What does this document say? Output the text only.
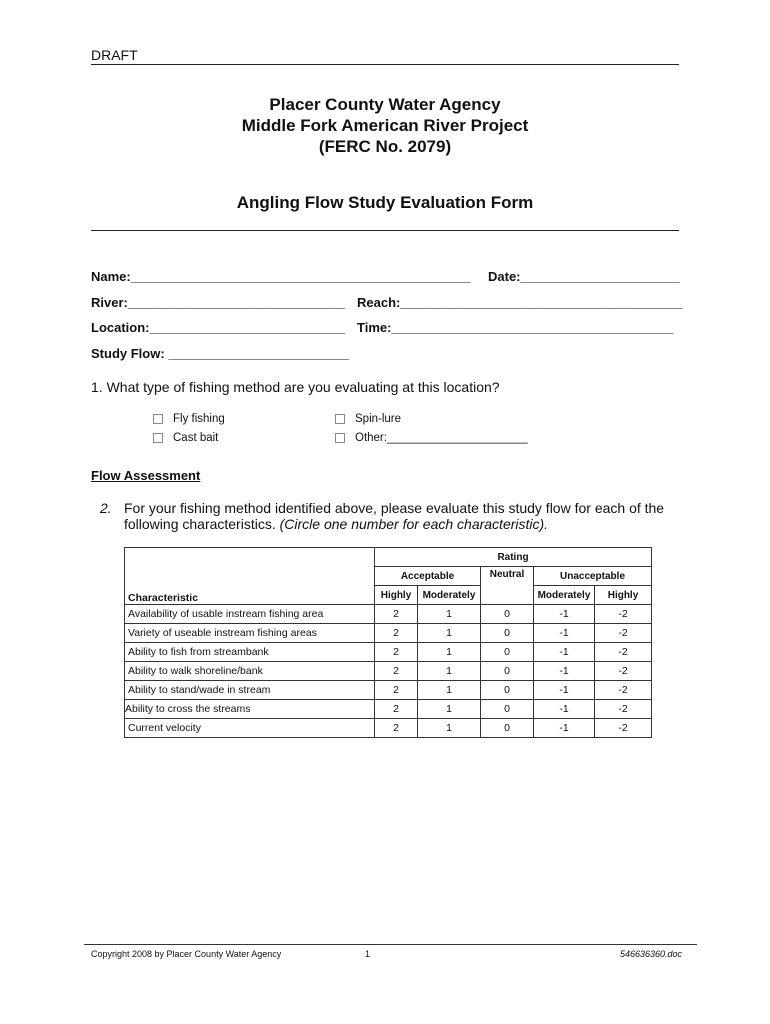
DRAFT
Placer County Water Agency
Middle Fork American River Project
(FERC No. 2079)
Angling Flow Study Evaluation Form
Name:_______________________________________________ Date:______________________
River:______________________________ Reach:_______________________________________
Location:___________________________ Time:_______________________________________
Study Flow: _________________________
1. What type of fishing method are you evaluating at this location?
Fly fishing
Cast bait
Spin-lure
Other:______________________
Flow Assessment
2. For your fishing method identified above, please evaluate this study flow for each of the following characteristics. (Circle one number for each characteristic).
Characteristic	Rating				
	Acceptable		Neutral	Unacceptable	
	Highly	Moderately		Moderately	Highly
Availability of usable instream fishing area	2	1	0	-1	-2
Variety of useable instream fishing areas	2	1	0	-1	-2
Ability to fish from streambank	2	1	0	-1	-2
Ability to walk shoreline/bank	2	1	0	-1	-2
Ability to stand/wade in stream	2	1	0	-1	-2
Ability to cross the streams	2	1	0	-1	-2
Current velocity	2	1	0	-1	-2
Copyright 2008 by Placer County Water Agency	1	546636360.doc
